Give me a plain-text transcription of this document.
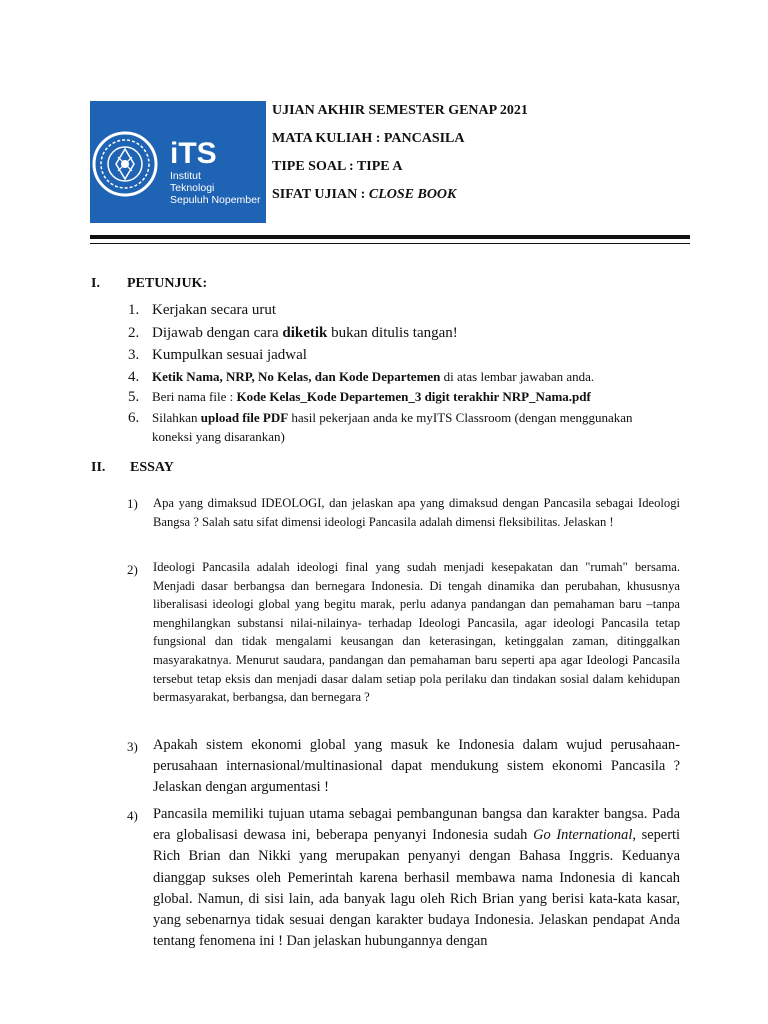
iTS
Institut
Teknologi
Sepuluh Nopember
UJIAN AKHIR SEMESTER GENAP 2021
MATA KULIAH : PANCASILA
TIPE SOAL : TIPE A
SIFAT UJIAN : CLOSE BOOK
I. PETUNJUK:
1. Kerjakan secara urut
2. Dijawab dengan cara diketik bukan ditulis tangan!
3. Kumpulkan sesuai jadwal
4. Ketik Nama, NRP, No Kelas, dan Kode Departemen di atas lembar jawaban anda.
5. Beri nama file : Kode Kelas_Kode Departemen_3 digit terakhir NRP_Nama.pdf
6. Silahkan upload file PDF hasil pekerjaan anda ke myITS Classroom (dengan menggunakan
koneksi yang disarankan)
II. ESSAY
1) Apa yang dimaksud IDEOLOGI, dan jelaskan apa yang dimaksud dengan Pancasila sebagai Ideologi Bangsa ? Salah satu sifat dimensi ideologi Pancasila adalah dimensi fleksibilitas. Jelaskan !
2) Ideologi Pancasila adalah ideologi final yang sudah menjadi kesepakatan dan "rumah" bersama. Menjadi dasar berbangsa dan bernegara Indonesia. Di tengah dinamika dan perubahan, khususnya liberalisasi ideologi global yang begitu marak, perlu adanya pandangan dan pemahaman baru –tanpa menghilangkan substansi nilai-nilainya- terhadap Ideologi Pancasila, agar ideologi Pancasila tetap fungsional dan tidak mengalami keusangan dan keterasingan, ketinggalan zaman, ditinggalkan masyarakatnya. Menurut saudara, pandangan dan pemahaman baru seperti apa agar Ideologi Pancasila tersebut tetap eksis dan menjadi dasar dalam setiap pola perilaku dan tindakan sosial dalam kehidupan bermasyarakat, berbangsa, dan bernegara ?
3) Apakah sistem ekonomi global yang masuk ke Indonesia dalam wujud perusahaan-perusahaan internasional/multinasional dapat mendukung sistem ekonomi Pancasila ? Jelaskan dengan argumentasi !
4) Pancasila memiliki tujuan utama sebagai pembangunan bangsa dan karakter bangsa. Pada era globalisasi dewasa ini, beberapa penyanyi Indonesia sudah Go International, seperti Rich Brian dan Nikki yang merupakan penyanyi dengan Bahasa Inggris. Keduanya dianggap sukses oleh Pemerintah karena berhasil membawa nama Indonesia di kancah global. Namun, di sisi lain, ada banyak lagu oleh Rich Brian yang berisi kata-kata kasar, yang sebenarnya tidak sesuai dengan karakter budaya Indonesia. Jelaskan pendapat Anda tentang fenomena ini ! Dan jelaskan hubungannya dengan
